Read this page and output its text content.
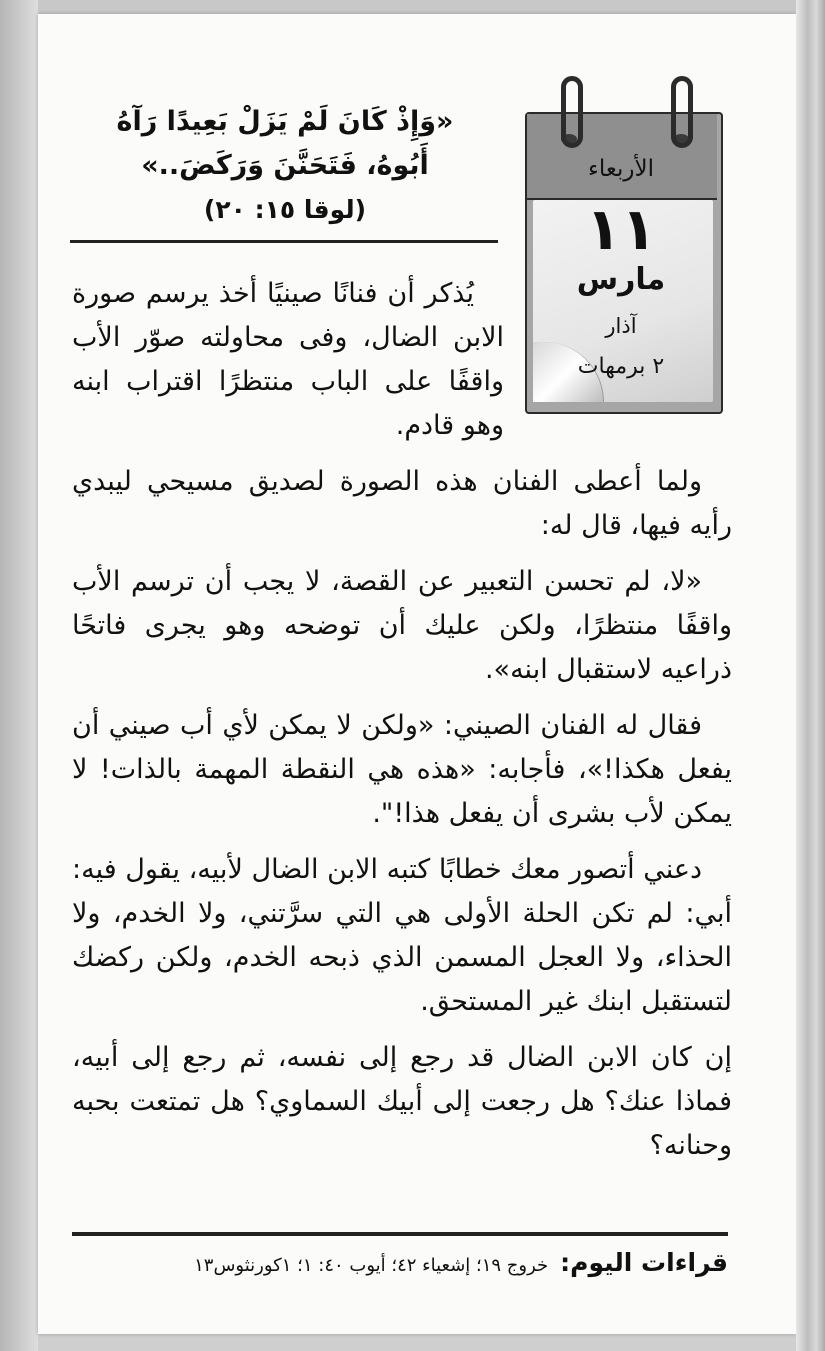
الأربعاء
١١
مارس
آذار
٢ برمهات
«وَإِذْ كَانَ لَمْ يَزَلْ بَعِيدًا رَآهُ
أَبُوهُ، فَتَحَنَّنَ وَرَكَضَ..»
(لوقا ١٥: ٢٠)

يُذكر أن فنانًا صينيًا أخذ يرسم صورة الابن الضال، وفى محاولته صوّر الأب واقفًا على الباب منتظرًا اقتراب ابنه وهو قادم.

ولما أعطى الفنان هذه الصورة لصديق مسيحي ليبدي رأيه فيها، قال له:

«لا، لم تحسن التعبير عن القصة، لا يجب أن ترسم الأب واقفًا منتظرًا، ولكن عليك أن توضحه وهو يجرى فاتحًا ذراعيه لاستقبال ابنه».

فقال له الفنان الصيني: «ولكن لا يمكن لأي أب صيني أن يفعل هكذا!»، فأجابه: «هذه هي النقطة المهمة بالذات! لا يمكن لأب بشرى أن يفعل هذا!".

دعني أتصور معك خطابًا كتبه الابن الضال لأبيه، يقول فيه: أبي: لم تكن الحلة الأولى هي التي سرَّتني، ولا الخدم، ولا الحذاء، ولا العجل المسمن الذي ذبحه الخدم، ولكن ركضك لتستقبل ابنك غير المستحق.

إن كان الابن الضال قد رجع إلى نفسه، ثم رجع إلى أبيه، فماذا عنك؟ هل رجعت إلى أبيك السماوي؟ هل تمتعت بحبه وحنانه؟

قراءات اليوم:
خروج ١٩؛ إشعياء ٤٢؛ أيوب ٤٠: ١؛ ١كورنثوس١٣
